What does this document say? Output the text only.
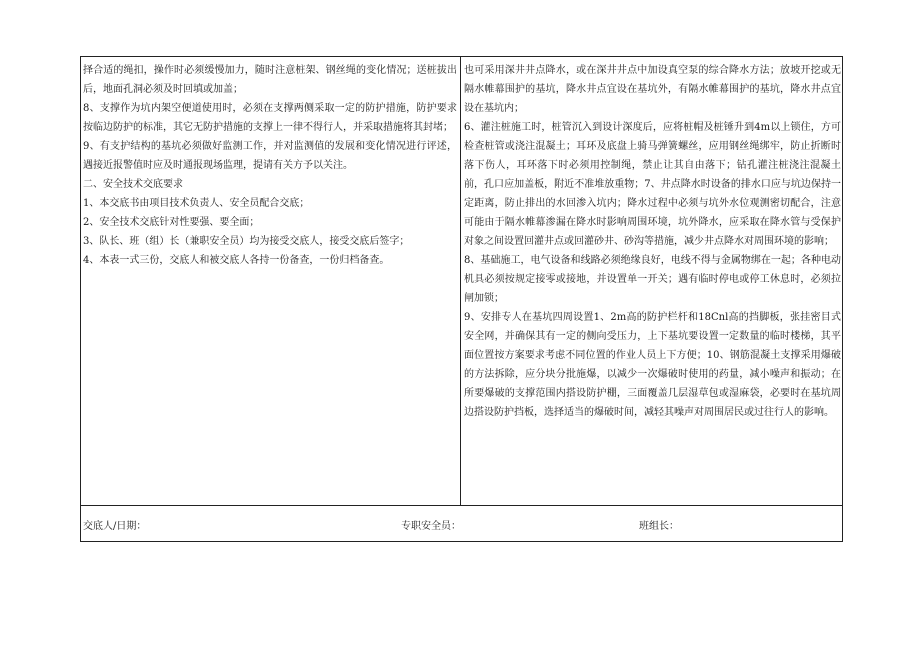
择合适的绳扣，操作时必须缓慢加力，随时注意桩架、钢丝绳的变化情况；送桩拔出后，地面孔洞必须及时回填或加盖；

8、支撑作为坑内架空便道使用时，必须在支撑两侧采取一定的防护措施，防护要求按临边防护的标准，其它无防护措施的支撑上一律不得行人，并采取措施将其封堵；

9、有支护结构的基坑必须做好监测工作，并对监测值的发展和变化情况进行评述，遇接近报警值时应及时通报现场监理，提请有关方予以关注。

二、安全技术交底要求

1、本交底书由项目技术负责人、安全员配合交底；

2、安全技术交底针对性要强、要全面；

3、队长、班（组）长（兼职安全员）均为接受交底人，接受交底后签字；

4、本表一式三份，交底人和被交底人各持一份备查，一份归档备查。

也可采用深井井点降水，或在深井井点中加设真空泵的综合降水方法；放坡开挖或无隔水帷幕围护的基坑，降水井点宜设在基坑外，有隔水帷幕围护的基坑，降水井点宜设在基坑内；

6、灌注桩施工时，桩管沉入到设计深度后，应将桩帽及桩锤升到4m以上锁住，方可检查桩管或浇注混凝土；耳环及底盘上骑马弹簧螺丝，应用钢丝绳绑牢，防止折断时落下伤人，耳环落下时必须用控制绳，禁止让其自由落下；钻孔灌注桩浇注混凝土前，孔口应加盖板，附近不准堆放重物；7、井点降水时设备的排水口应与坑边保持一定距离，防止排出的水回渗入坑内；降水过程中必须与坑外水位观测密切配合，注意可能由于隔水帷幕渗漏在降水时影响周围环境，坑外降水，应采取在降水管与受保护对象之间设置回灌井点或回灌砂井、砂沟等措施，减少井点降水对周围环境的影响；

8、基础施工，电气设备和线路必须绝缘良好，电线不得与金属物绑在一起；各种电动机具必须按规定接零或接地，并设置单一开关；遇有临时停电或停工休息时，必须拉闸加锁；

9、安排专人在基坑四周设置1、2m高的防护栏杆和18Cnl高的挡脚板，张挂密目式安全网，并确保其有一定的侧向受压力，上下基坑要设置一定数量的临时楼梯，其平面位置按方案要求考虑不同位置的作业人员上下方便；10、钢筋混凝土支撑采用爆破的方法拆除，应分块分批施爆，以减少一次爆破时使用的药量，减小噪声和振动；在所要爆破的支撑范围内搭设防护棚，三面覆盖几层湿草包或湿麻袋，必要时在基坑周边搭设防护挡板，选择适当的爆破时间，减轻其噪声对周围居民或过往行人的影响。

交底人/日期：	专职安全员：	班组长：
